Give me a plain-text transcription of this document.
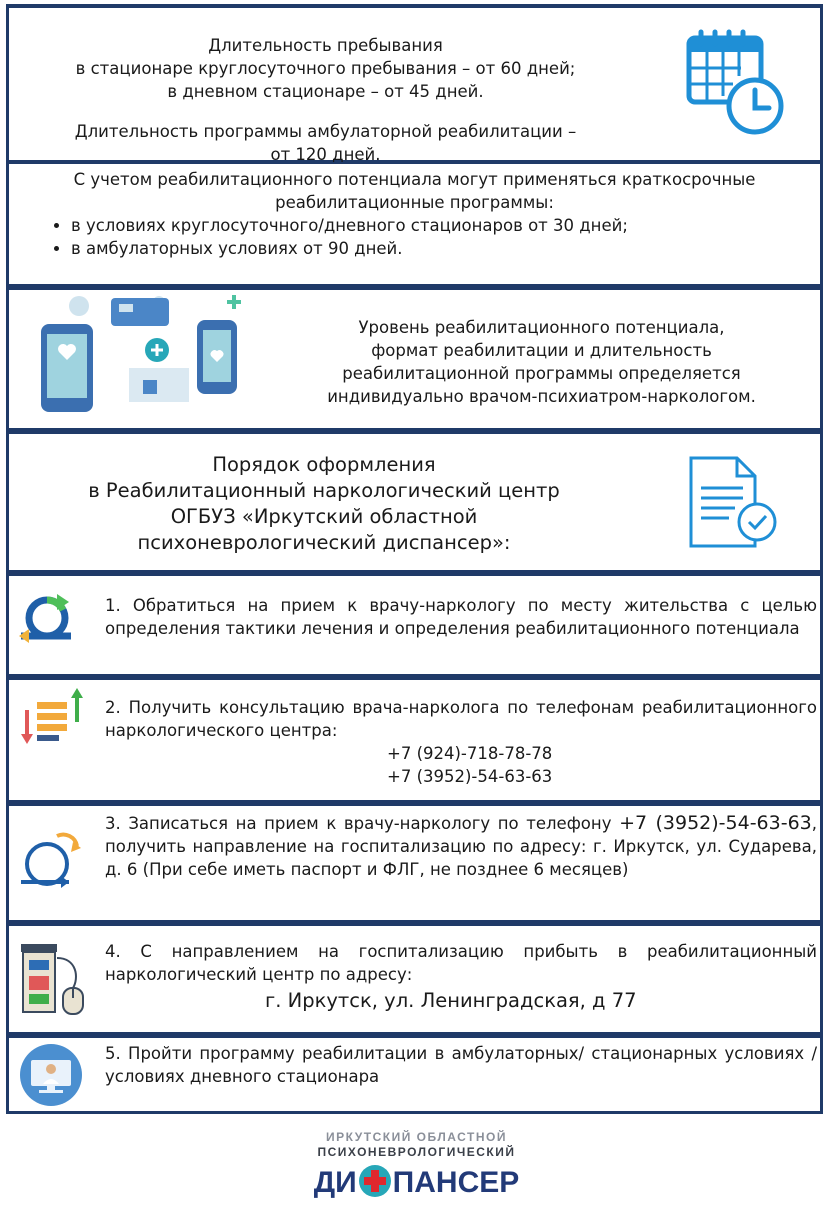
Длительность пребывания
в стационаре круглосуточного пребывания – от 60 дней;
в дневном стационаре – от 45 дней.
Длительность программы амбулаторной реабилитации –
от 120 дней.
С учетом реабилитационного потенциала могут применяться краткосрочные
реабилитационные программы:
• в условиях круглосуточного/дневного стационаров от 30 дней;
• в амбулаторных условиях от 90 дней.
Уровень реабилитационного потенциала,
формат реабилитации и длительность
реабилитационной программы определяется
индивидуально врачом-психиатром-наркологом.
Порядок оформления
в Реабилитационный наркологический центр
ОГБУЗ «Иркутский областной
психоневрологический диспансер»:
1. Обратиться на прием к врачу-наркологу по месту жительства с целью определения тактики лечения и определения реабилитационного потенциала
2. Получить консультацию врача-нарколога по телефонам реабилитационного наркологического центра:
+7 (924)-718-78-78
+7 (3952)-54-63-63
3. Записаться на прием к врачу-наркологу по телефону +7 (3952)-54-63-63, получить направление на госпитализацию по адресу: г. Иркутск, ул. Сударева, д. 6 (При себе иметь паспорт и ФЛГ, не позднее 6 месяцев)
4. С направлением на госпитализацию прибыть в реабилитационный наркологический центр по адресу:
г. Иркутск, ул. Ленинградская, д 77
5. Пройти программу реабилитации в амбулаторных/ стационарных условиях / условиях дневного стационара
ИРКУТСКИЙ ОБЛАСТНОЙ
ПСИХОНЕВРОЛОГИЧЕСКИЙ
ДИ ПАНСЕР
